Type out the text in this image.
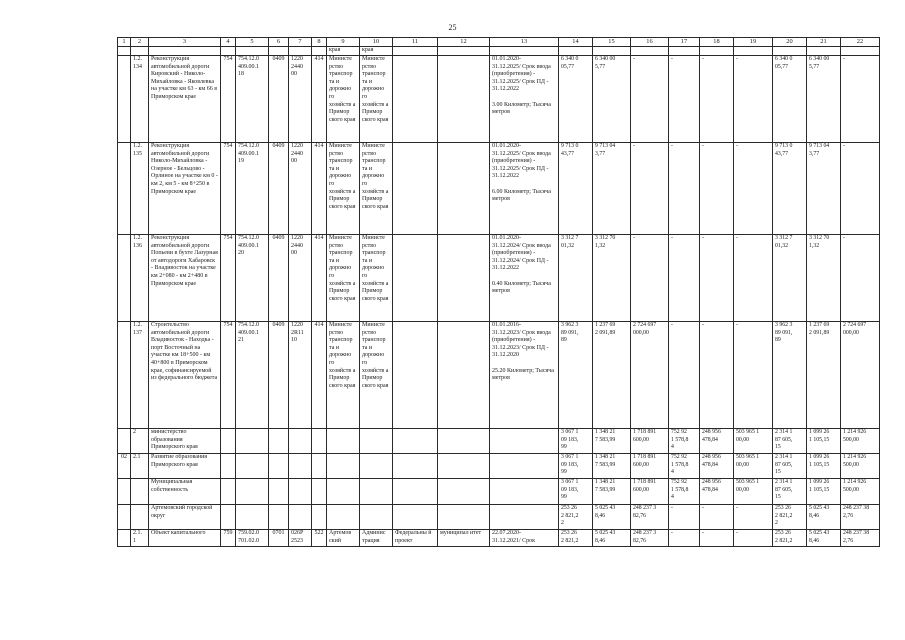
25
1	2	3	4	5	6	7	8	9	10	11	12	13	14	15	16	17	18	19	20	21	22
								края	края												
	1.2.
134	Реконструкция автомобильной дороги Кировский - Николо-Михайловка - Яковлевка на участке км 63 - км 66 в Приморском крае	754	754.12.0
409.00.1
18	0409	1220
2440
00	414	Министе рство транспор та и дорожно го хозяйств а Примор ского края	Министе рство транспор та и дорожно го хозяйств а Примор ского края			01.01.2020-
31.12.2025/ Срок ввода (приобретения) - 31.12.2025/ Срок ПД - 31.12.2022

3.00 Километр; Тысяча метров	6 340 0
05,77	6 340 00
5,77	-	-	-	-	6 340 0
05,77	6 340 00
5,77	-
	1.2.
135	Реконструкция автомобильной дороги Николо-Михайловка - Озерное - Бельцово - Орлиное на участке км 0 - км 2, км 5 - км 8+250 в Приморском крае	754	754.12.0
409.00.1
19	0409	1220
2440
00	414	Министе рство транспор та и дорожно го хозяйств а Примор ского края	Министе рство транспор та и дорожно го хозяйств а Примор ского края			01.01.2020-
31.12.2025/ Срок ввода (приобретения) - 31.12.2025/ Срок ПД - 31.12.2022

6.00 Километр; Тысяча метров	9 713 0
43,77	9 713 04
3,77	-	-	-	-	9 713 0
43,77	9 713 04
3,77	-
	1.2.
136	Реконструкция автомобильной дороги Попьеви в бухте Лазурная от автодороги Хабаровск - Владивосток на участке км 2+080 - км 2+480 в Приморском крае	754	754.12.0
409.00.1
20	0409	1220
2440
00	414	Министе рство транспор та и дорожно го хозяйств а Примор ского края	Министе рство транспор та и дорожно го хозяйств а Примор ского края			01.01.2020-
31.12.2024/ Срок ввода (приобретения) - 31.12.2024/ Срок ПД - 31.12.2022

0.40 Километр; Тысяча метров	3 312 7
01,32	3 312 70
1,32	-	-	-	-	3 312 7
01,32	3 312 70
1,32	-
	1.2.
137	Строительство автомобильной дороги Владивосток - Находка - порт Восточный на участке км 18+500 - км 40+800 в Приморском крае, софинансируемой из федерального бюджета	754	754.12.0
409.00.1
21	0409	1220
2R11
10	414	Министе рство транспор та и дорожно го хозяйств а Примор ского края	Министе рство транспор та и дорожно го хозяйств а Примор ского края			01.01.2016-
31.12.2023/ Срок ввода (приобретения) - 31.12.2023/ Срок ПД - 31.12.2020

25.20 Километр; Тысяча метров	3 962 3
89 091,
89	1 237 69
2 091,89	2 724 697
000,00	-	-	-	3 962 3
89 091,
89	1 237 69
2 091,89	2 724 697
000,00
	2	министерство образования Приморского края											3 067 1
09 183,
99	1 348 21
7 583,99	1 718 891
600,00	752 92
1 578,8
4	248 956
478,84	503 965 1
00,00	2 314 1
87 605,
15	1 099 26
1 105,15	1 214 926
500,00
02	2.1	Развитие образования Приморского края											3 067 1
09 183,
99	1 348 21
7 583,99	1 718 891
600,00	752 92
1 578,8
4	248 956
478,84	503 965 1
00,00	2 314 1
87 605,
15	1 099 26
1 105,15	1 214 926
500,00
		Муниципальная собственность											3 067 1
09 183,
99	1 348 21
7 583,99	1 718 891
600,00	752 92
1 578,8
4	248 956
478,84	503 965 1
00,00	2 314 1
87 605,
15	1 099 26
1 105,15	1 214 926
500,00
		Артемовский городской округ											253 26
2 821,2
2	5 025 43
8,46	248 237 3
82,76	-	-	-	253 26
2 821,2
2	5 025 43
8,46	248 237 38
2,76
	2.1.
1	Объект капитального	759	759.02.0
701.02.0	0701	026P
2523	522	Артемов ский	Админис трация	Федеральны й проект	муниципал итет	22.07.2020-
31.12.2021/ Срок	253 26
2 821,2	5 025 43
8,46	248 237 3
82,76	-	-	-	253 26
2 821,2	5 025 43
8,46	248 237 38
2,76
